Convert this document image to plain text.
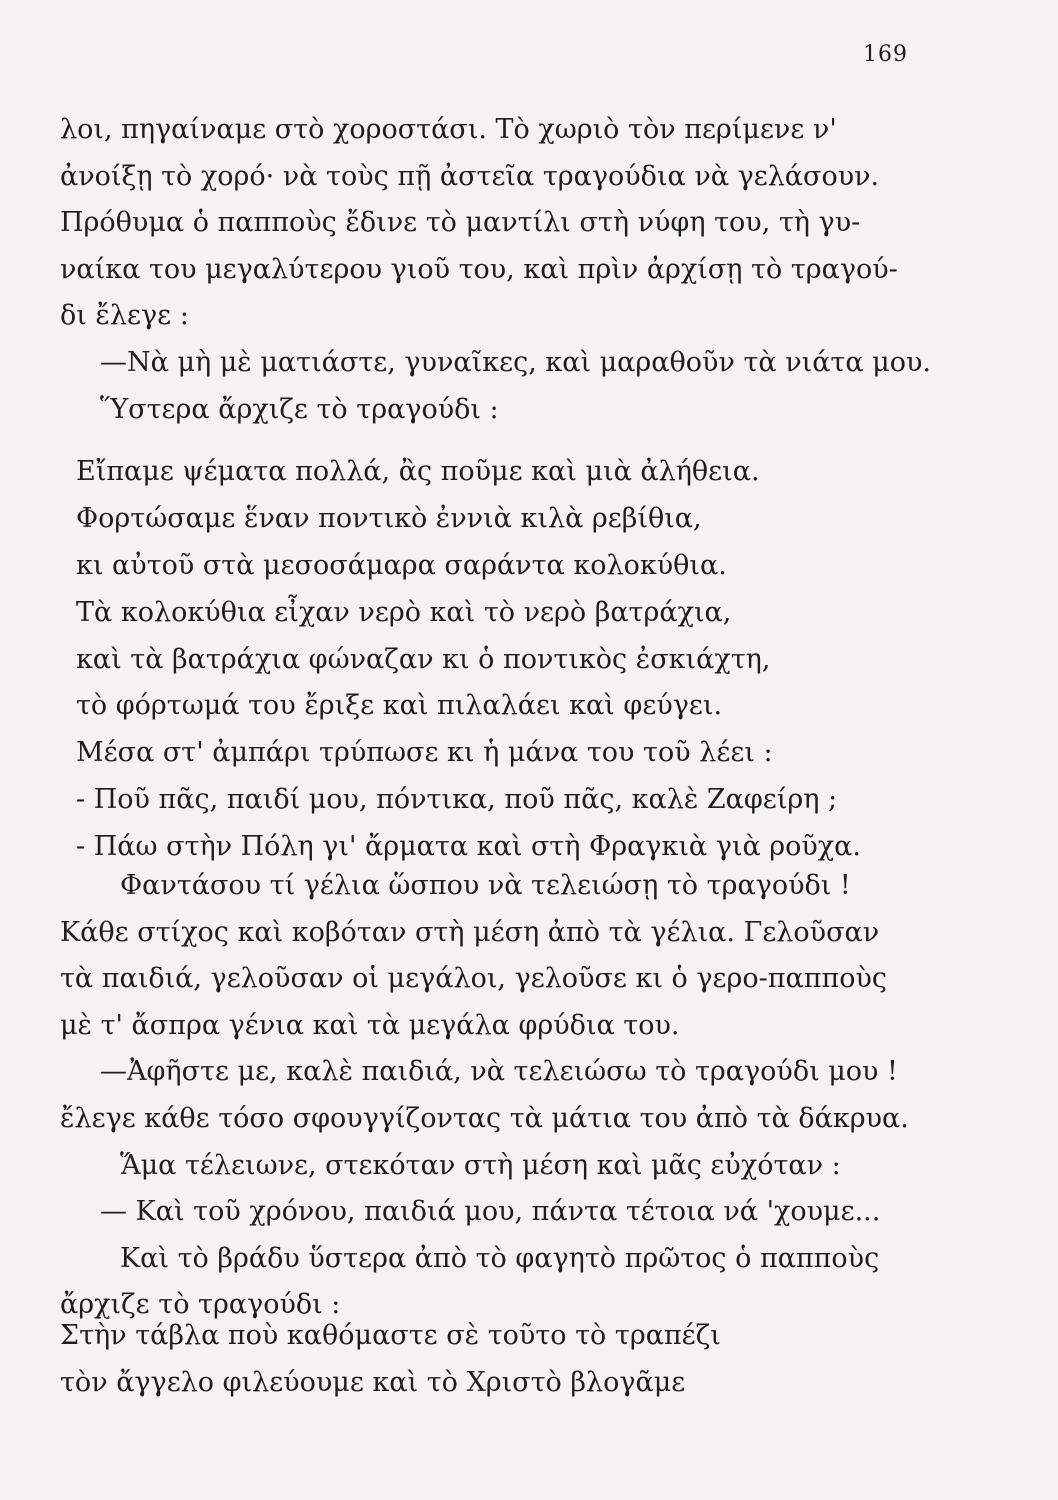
169
λοι, πηγαίναμε στὸ χοροστάσι. Τὸ χωριὸ τὸν περίμενε ν'
ἀνοίξῃ τὸ χορό· νὰ τοὺς πῇ ἀστεῖα τραγούδια νὰ γελάσουν.
Πρόθυμα ὁ παπποὺς ἔδινε τὸ μαντίλι στὴ νύφη του, τὴ γυ-
ναίκα του μεγαλύτερου γιοῦ του, καὶ πρὶν ἀρχίσῃ τὸ τραγού-
δι ἔλεγε :
—Νὰ μὴ μὲ ματιάστε, γυναῖκες, καὶ μαραθοῦν τὰ νιάτα μου.
Ὕστερα ἄρχιζε τὸ τραγούδι :
Εἴπαμε ψέματα πολλά, ἂς ποῦμε καὶ μιὰ ἀλήθεια.
Φορτώσαμε ἕναν ποντικὸ ἐννιὰ κιλὰ ρεβίθια,
κι αὐτοῦ στὰ μεσοσάμαρα σαράντα κολοκύθια.
Τὰ κολοκύθια εἶχαν νερὸ καὶ τὸ νερὸ βατράχια,
καὶ τὰ βατράχια φώναζαν κι ὁ ποντικὸς ἐσκιάχτη,
τὸ φόρτωμά του ἔριξε καὶ πιλαλάει καὶ φεύγει.
Μέσα στ' ἀμπάρι τρύπωσε κι ἡ μάνα του τοῦ λέει :
- Ποῦ πᾶς, παιδί μου, πόντικα, ποῦ πᾶς, καλὲ Ζαφείρη ;
- Πάω στὴν Πόλη γι' ἄρματα καὶ στὴ Φραγκιὰ γιὰ ροῦχα.
Φαντάσου τί γέλια ὥσπου νὰ τελειώσῃ τὸ τραγούδι !
Κάθε στίχος καὶ κοβόταν στὴ μέση ἀπὸ τὰ γέλια. Γελοῦσαν
τὰ παιδιά, γελοῦσαν οἱ μεγάλοι, γελοῦσε κι ὁ γερο-παπποὺς
μὲ τ' ἄσπρα γένια καὶ τὰ μεγάλα φρύδια του.
—Ἀφῆστε με, καλὲ παιδιά, νὰ τελειώσω τὸ τραγούδι μου !
ἔλεγε κάθε τόσο σφουγγίζοντας τὰ μάτια του ἀπὸ τὰ δάκρυα.
Ἅμα τέλειωνε, στεκόταν στὴ μέση καὶ μᾶς εὐχόταν :
— Καὶ τοῦ χρόνου, παιδιά μου, πάντα τέτοια νά 'χουμε...
Καὶ τὸ βράδυ ὕστερα ἀπὸ τὸ φαγητὸ πρῶτος ὁ παπποὺς
ἄρχιζε τὸ τραγούδι :
Στὴν τάβλα ποὺ καθόμαστε σὲ τοῦτο τὸ τραπέζι
τὸν ἄγγελο φιλεύουμε καὶ τὸ Χριστὸ βλογᾶμε
